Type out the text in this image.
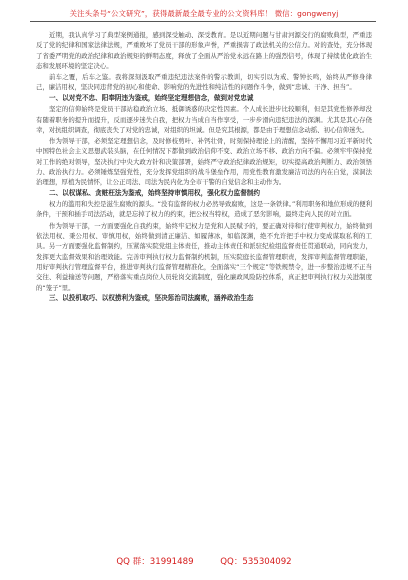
关注头条号“公文研究”，获得最新最全最专业的公文资料库！ 微信：gongwenyj

近期，我认真学习了典型案例通报，感到深受触动、深受教育。是以近期问题与甘肃河源交行的腐败典型，严重违反了党的纪律和国家法律法规，严重败坏了党员干部的形象声誉，严重损害了政法机关的公信力。对的查处，充分体现了省委严明党的政治纪律和政治规矩的鲜明态度，释放了全面从严治党永远在路上的强烈信号，体现了持续优化政治生态和发展环境的坚定决心。

前车之覆，后车之鉴。我将深刻汲取严重违纪违法案件的警示教训，切实引以为戒、警钟长鸣，始终从严修身律己，廉洁用权，坚决同违背党的初心和使命、影响党的先进性和纯洁性的问题作斗争，做到“忠诚、干净、担当”。

一、以对党不忠、阳奉阴违为鉴戒，始终坚定理想信念，做到对党忠诚

坚定的信仰始终是党员干部站稳政治立场、抵御诱惑的决定性因素。个人成长进步比较顺利，但是其党性修养却没有随着职务的提升而提升，反而逐步迷失自我，把权力当成自当作享受，一步步滑向违纪违法的深渊。尤其是其心存侥幸，对抗组织调查，彻底丧失了对党的忠诚，对组织的坦诚。但是究其根源，都是由于理想信念动摇、初心信仰迷失。

作为领导干部，必须坚定理想信念，及时修枝剪叶、补钙壮骨，时刻保持理论上的清醒，坚持不懈用习近平新时代中国特色社会主义思想武装头脑，在任何情况下都做到政治信仰不变、政治立场不移、政治方向不偏。必须牢牢保持党对工作的绝对领导，坚决执行中央大政方针和决策部署，始终严守政治纪律政治规矩，切实提高政治判断力、政治领悟力、政治执行力。必须锤炼坚强党性，充分发挥党组织的战斗堡垒作用，用党性教育激发廉洁司法的内在自觉，漠洞法治理想，厚植为民情怀，让公正司法、司法为民内化为全市干警的自觉信念和主动作为。

二、以权谋私、贪赃枉法为鉴戒，始终坚持审慎用权，强化权力监督制约

权力的滥用和失控是滋生腐败的源头。“没有监督的权力必然导致腐败，这是一条铁律。”利用职务和地位形成的便利条件，干预和插手司法活动，就是忘掉了权力的约束，把公权当特权，造成了恶劣影响，最终走向人民的对立面。

作为领导干部，一方面要强化自我约束，始终牢记权力是党和人民赋予的，要正确对待和行使审判权力，始终做到依法用权、秉公用权、审慎用权，始终做到清正廉洁、如履薄冰，如临深渊，绝不允许把手中权力变成谋取私利的工具。另一方面要强化监督制约，压紧落实院党组主体责任，推动主体责任和派驻纪检组监督责任贯通联动，同向发力，发挥更大监督效果和治理效能。完善审判执行权力监督制约机制，压实院庭长监督管理职责，发挥审判监督管理职能，用好审判执行管理监督平台，推进审判执行监督管理精准化，全面落实“三个规定”等铁规禁令，进一步整治违规不正当交往、利益输送等问题，严格落实重点岗位人员轮岗交流制度，强化廉政风险防控体系，真正把审判执行权力关进制度的“笼子”里。

三、以投机取巧、以权捞利为鉴戒，坚决惩治司法腐败，涵养政治生态
QQ 群：31991489	QQ：535304092
